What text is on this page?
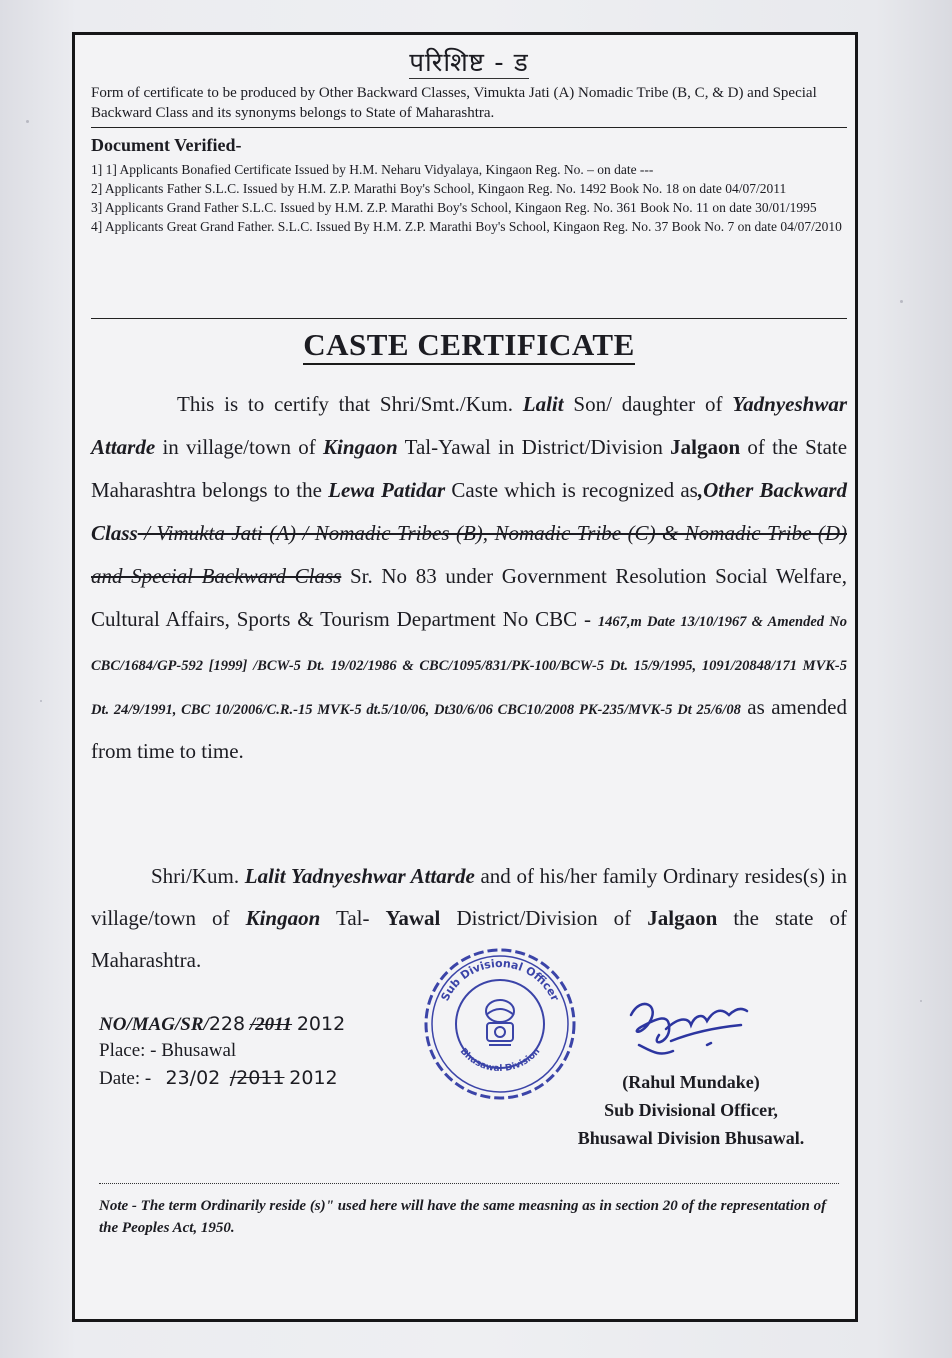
परिशिष्ट - ड
Form of certificate to be produced by Other Backward Classes, Vimukta Jati (A) Nomadic Tribe (B, C, & D) and Special Backward Class and its synonyms belongs to State of Maharashtra.
Document Verified-
1] 1] Applicants Bonafied Certificate Issued by H.M. Neharu Vidyalaya, Kingaon Reg. No. – on date ---
2] Applicants Father S.L.C. Issued by H.M. Z.P. Marathi Boy's School, Kingaon Reg. No. 1492 Book No. 18 on date 04/07/2011
3] Applicants Grand Father S.L.C. Issued by H.M. Z.P. Marathi Boy's School, Kingaon Reg. No. 361 Book No. 11 on date 30/01/1995
4] Applicants Great Grand Father. S.L.C. Issued By H.M. Z.P. Marathi Boy's School, Kingaon Reg. No. 37 Book No. 7 on date 04/07/2010
CASTE CERTIFICATE
This is to certify that Shri/Smt./Kum. Lalit Son/ daughter of Yadnyeshwar Attarde in village/town of Kingaon Tal-Yawal in District/Division Jalgaon of the State Maharashtra belongs to the Lewa Patidar Caste which is recognized as,Other Backward Class / Vimukta Jati (A) / Nomadic Tribes (B), Nomadic Tribe (C) & Nomadic Tribe (D) and Special Backward Class Sr. No 83 under Government Resolution Social Welfare, Cultural Affairs, Sports & Tourism Department No CBC - 1467,m Date 13/10/1967 & Amended No CBC/1684/GP-592 [1999] /BCW-5 Dt. 19/02/1986 & CBC/1095/831/PK-100/BCW-5 Dt. 15/9/1995, 1091/20848/171 MVK-5 Dt. 24/9/1991, CBC 10/2006/C.R.-15 MVK-5 dt.5/10/06, Dt30/6/06 CBC10/2008 PK-235/MVK-5 Dt 25/6/08 as amended from time to time.
Shri/Kum. Lalit Yadnyeshwar Attarde and of his/her family Ordinary resides(s) in village/town of Kingaon Tal- Yawal District/Division of Jalgaon the state of Maharashtra.
NO/MAG/SR/228 /2011 2012
Place: - Bhusawal
Date: - 23/02 /2011 2012
Sub Divisional Officer
Bhusawal Division
(Rahul Mundake)
Sub Divisional Officer,
Bhusawal Division Bhusawal.
Note - The term Ordinarily reside (s)" used here will have the same measning as in section 20 of the representation of the Peoples Act, 1950.
